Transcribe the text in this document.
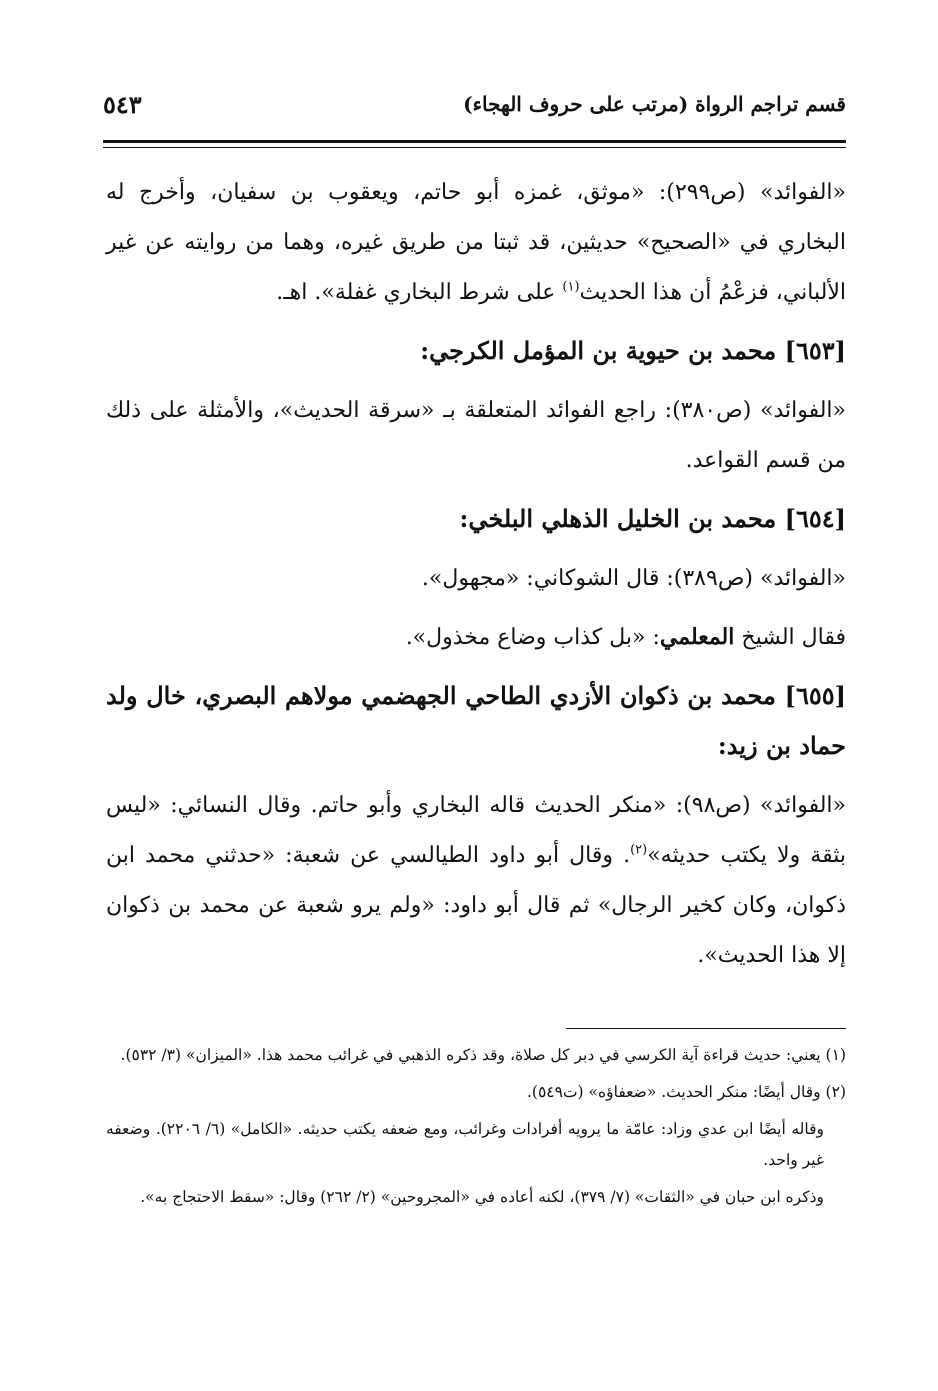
قسم تراجم الرواة (مرتب على حروف الهجاء)
٥٤٣

«الفوائد» (ص٢٩٩): «موثق، غمزه أبو حاتم، ويعقوب بن سفيان، وأخرج له البخاري في «الصحيح» حديثين، قد ثبتا من طريق غيره، وهما من روايته عن غير الألباني، فزعْمُ أن هذا الحديث$^{(١)}$ على شرط البخاري غفلة». اهـ.

[٦٥٣] محمد بن حيوية بن المؤمل الكرجي:

«الفوائد» (ص٣٨٠): راجع الفوائد المتعلقة بـ «سرقة الحديث»، والأمثلة على ذلك من قسم القواعد.

[٦٥٤] محمد بن الخليل الذهلي البلخي:

«الفوائد» (ص٣٨٩): قال الشوكاني: «مجهول».

فقال الشيخ المعلمي: «بل كذاب وضاع مخذول».

[٦٥٥] محمد بن ذكوان الأزدي الطاحي الجهضمي مولاهم البصري، خال ولد حماد بن زيد:

«الفوائد» (ص٩٨): «منكر الحديث قاله البخاري وأبو حاتم. وقال النسائي: «ليس بثقة ولا يكتب حديثه»$^{(٢)}$. وقال أبو داود الطيالسي عن شعبة: «حدثني محمد ابن ذكوان، وكان كخير الرجال» ثم قال أبو داود: «ولم يرو شعبة عن محمد بن ذكوان إلا هذا الحديث».

(١) يعني: حديث قراءة آية الكرسي في دبر كل صلاة، وقد ذكره الذهبي في غرائب محمد هذا. «الميزان» (٣/ ٥٣٢).

(٢) وقال أيضًا: منكر الحديث. «ضعفاؤه» (ت٥٤٩).

وقاله أيضًا ابن عدي وزاد: عامّة ما يرويه أفرادات وغرائب، ومع ضعفه يكتب حديثه. «الكامل» (٦/ ٢٢٠٦). وضعفه غير واحد.

وذكره ابن حبان في «الثقات» (٧/ ٣٧٩)، لكنه أعاده في «المجروحين» (٢/ ٢٦٢) وقال: «سقط الاحتجاج به».
